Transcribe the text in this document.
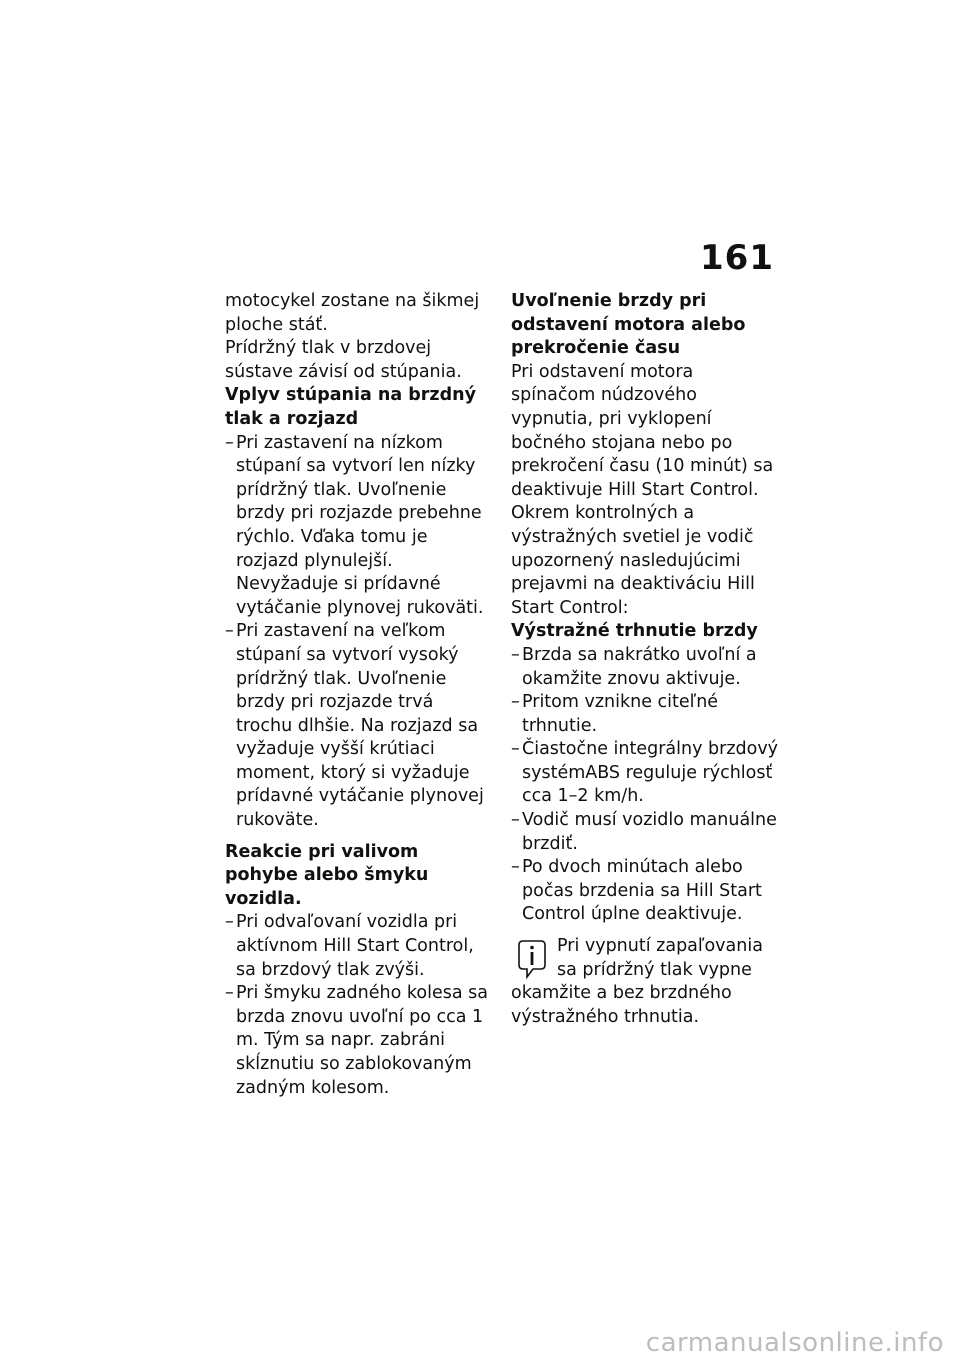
161

motocykel zostane na šikmej ploche stáť.

Prídržný tlak v brzdovej sústave závisí od stúpania.

Vplyv stúpania na brzdný tlak a rozjazd
– Pri zastavení na nízkom stúpaní sa vytvorí len nízky prídržný tlak. Uvoľnenie brzdy pri rozjazde prebehne rýchlo. Vďaka tomu je rozjazd plynulejší. Nevyžaduje si prídavné vytáčanie plynovej rukoväti.
– Pri zastavení na veľkom stúpaní sa vytvorí vysoký prídržný tlak. Uvoľnenie brzdy pri rozjazde trvá trochu dlhšie. Na rozjazd sa vyžaduje vyšší krútiaci moment, ktorý si vyžaduje prídavné vytáčanie plynovej rukoväte.
Reakcie pri valivom pohybe alebo šmyku vozidla.
– Pri odvaľovaní vozidla pri aktívnom Hill Start Control, sa brzdový tlak zvýši.
– Pri šmyku zadného kolesa sa brzda znovu uvoľní po cca 1 m. Tým sa napr. zabráni skĺznutiu so zablokovaným zadným kolesom.
Uvoľnenie brzdy pri odstavení motora alebo prekročenie času

Pri odstavení motora spínačom núdzového vypnutia, pri vyklopení bočného stojana nebo po prekročení času (10 minút) sa deaktivuje Hill Start Control.

Okrem kontrolných a výstražných svetiel je vodič upozornený nasledujúcimi prejavmi na deaktiváciu Hill Start Control:

Výstražné trhnutie brzdy
– Brzda sa nakrátko uvoľní a okamžite znovu aktivuje.
– Pritom vznikne citeľné trhnutie.
– Čiastočne integrálny brzdový systémABS reguluje rýchlosť cca 1–2 km/h.
– Vodič musí vozidlo manuálne brzdiť.
– Po dvoch minútach alebo počas brzdenia sa Hill Start Control úplne deaktivuje.

Pri vypnutí zapaľovania sa prídržný tlak vypne okamžite a bez brzdného výstražného trhnutia.

carmanualsonline.info
